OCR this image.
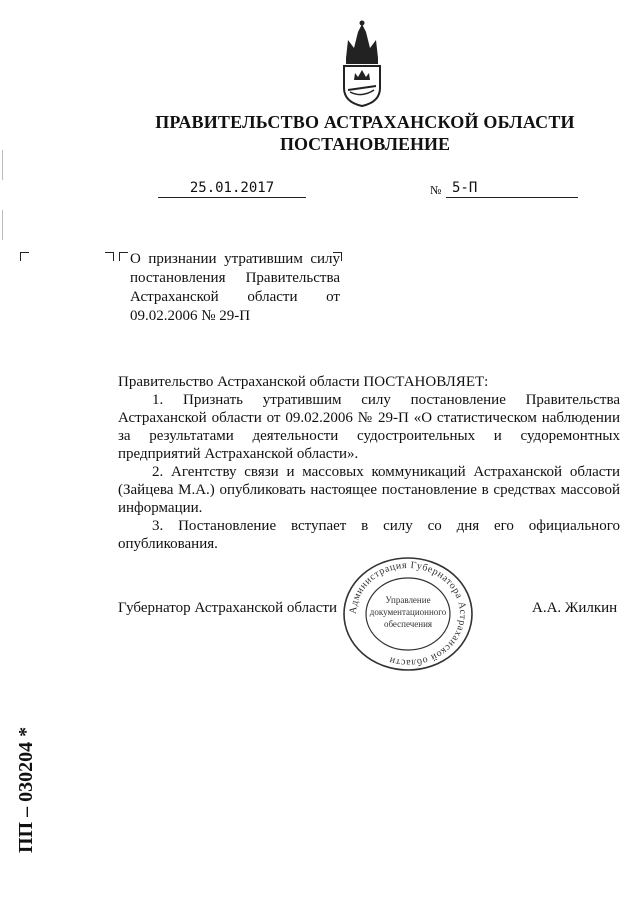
ПРАВИТЕЛЬСТВО АСТРАХАНСКОЙ ОБЛАСТИ
ПОСТАНОВЛЕНИЕ
25.01.2017	№ 5-П
О признании утратившим силу постановления Правительства Астраханской области от 09.02.2006 № 29-П

Правительство Астраханской области ПОСТАНОВЛЯЕТ:

1. Признать утратившим силу постановление Правительства Астраханской области от 09.02.2006 № 29-П «О статистическом наблюдении за результатами деятельности судостроительных и судоремонтных предприятий Астраханской области».

2. Агентству связи и массовых коммуникаций Астраханской области (Зайцева М.А.) опубликовать настоящее постановление в средствах массовой информации.

3. Постановление вступает в силу со дня его официального опубликования.

Губернатор Астраханской области	А.А. Жилкин
Администрация Губернатора Астраханской области
Управление
документационного
обеспечения
ПП – 030204 *
